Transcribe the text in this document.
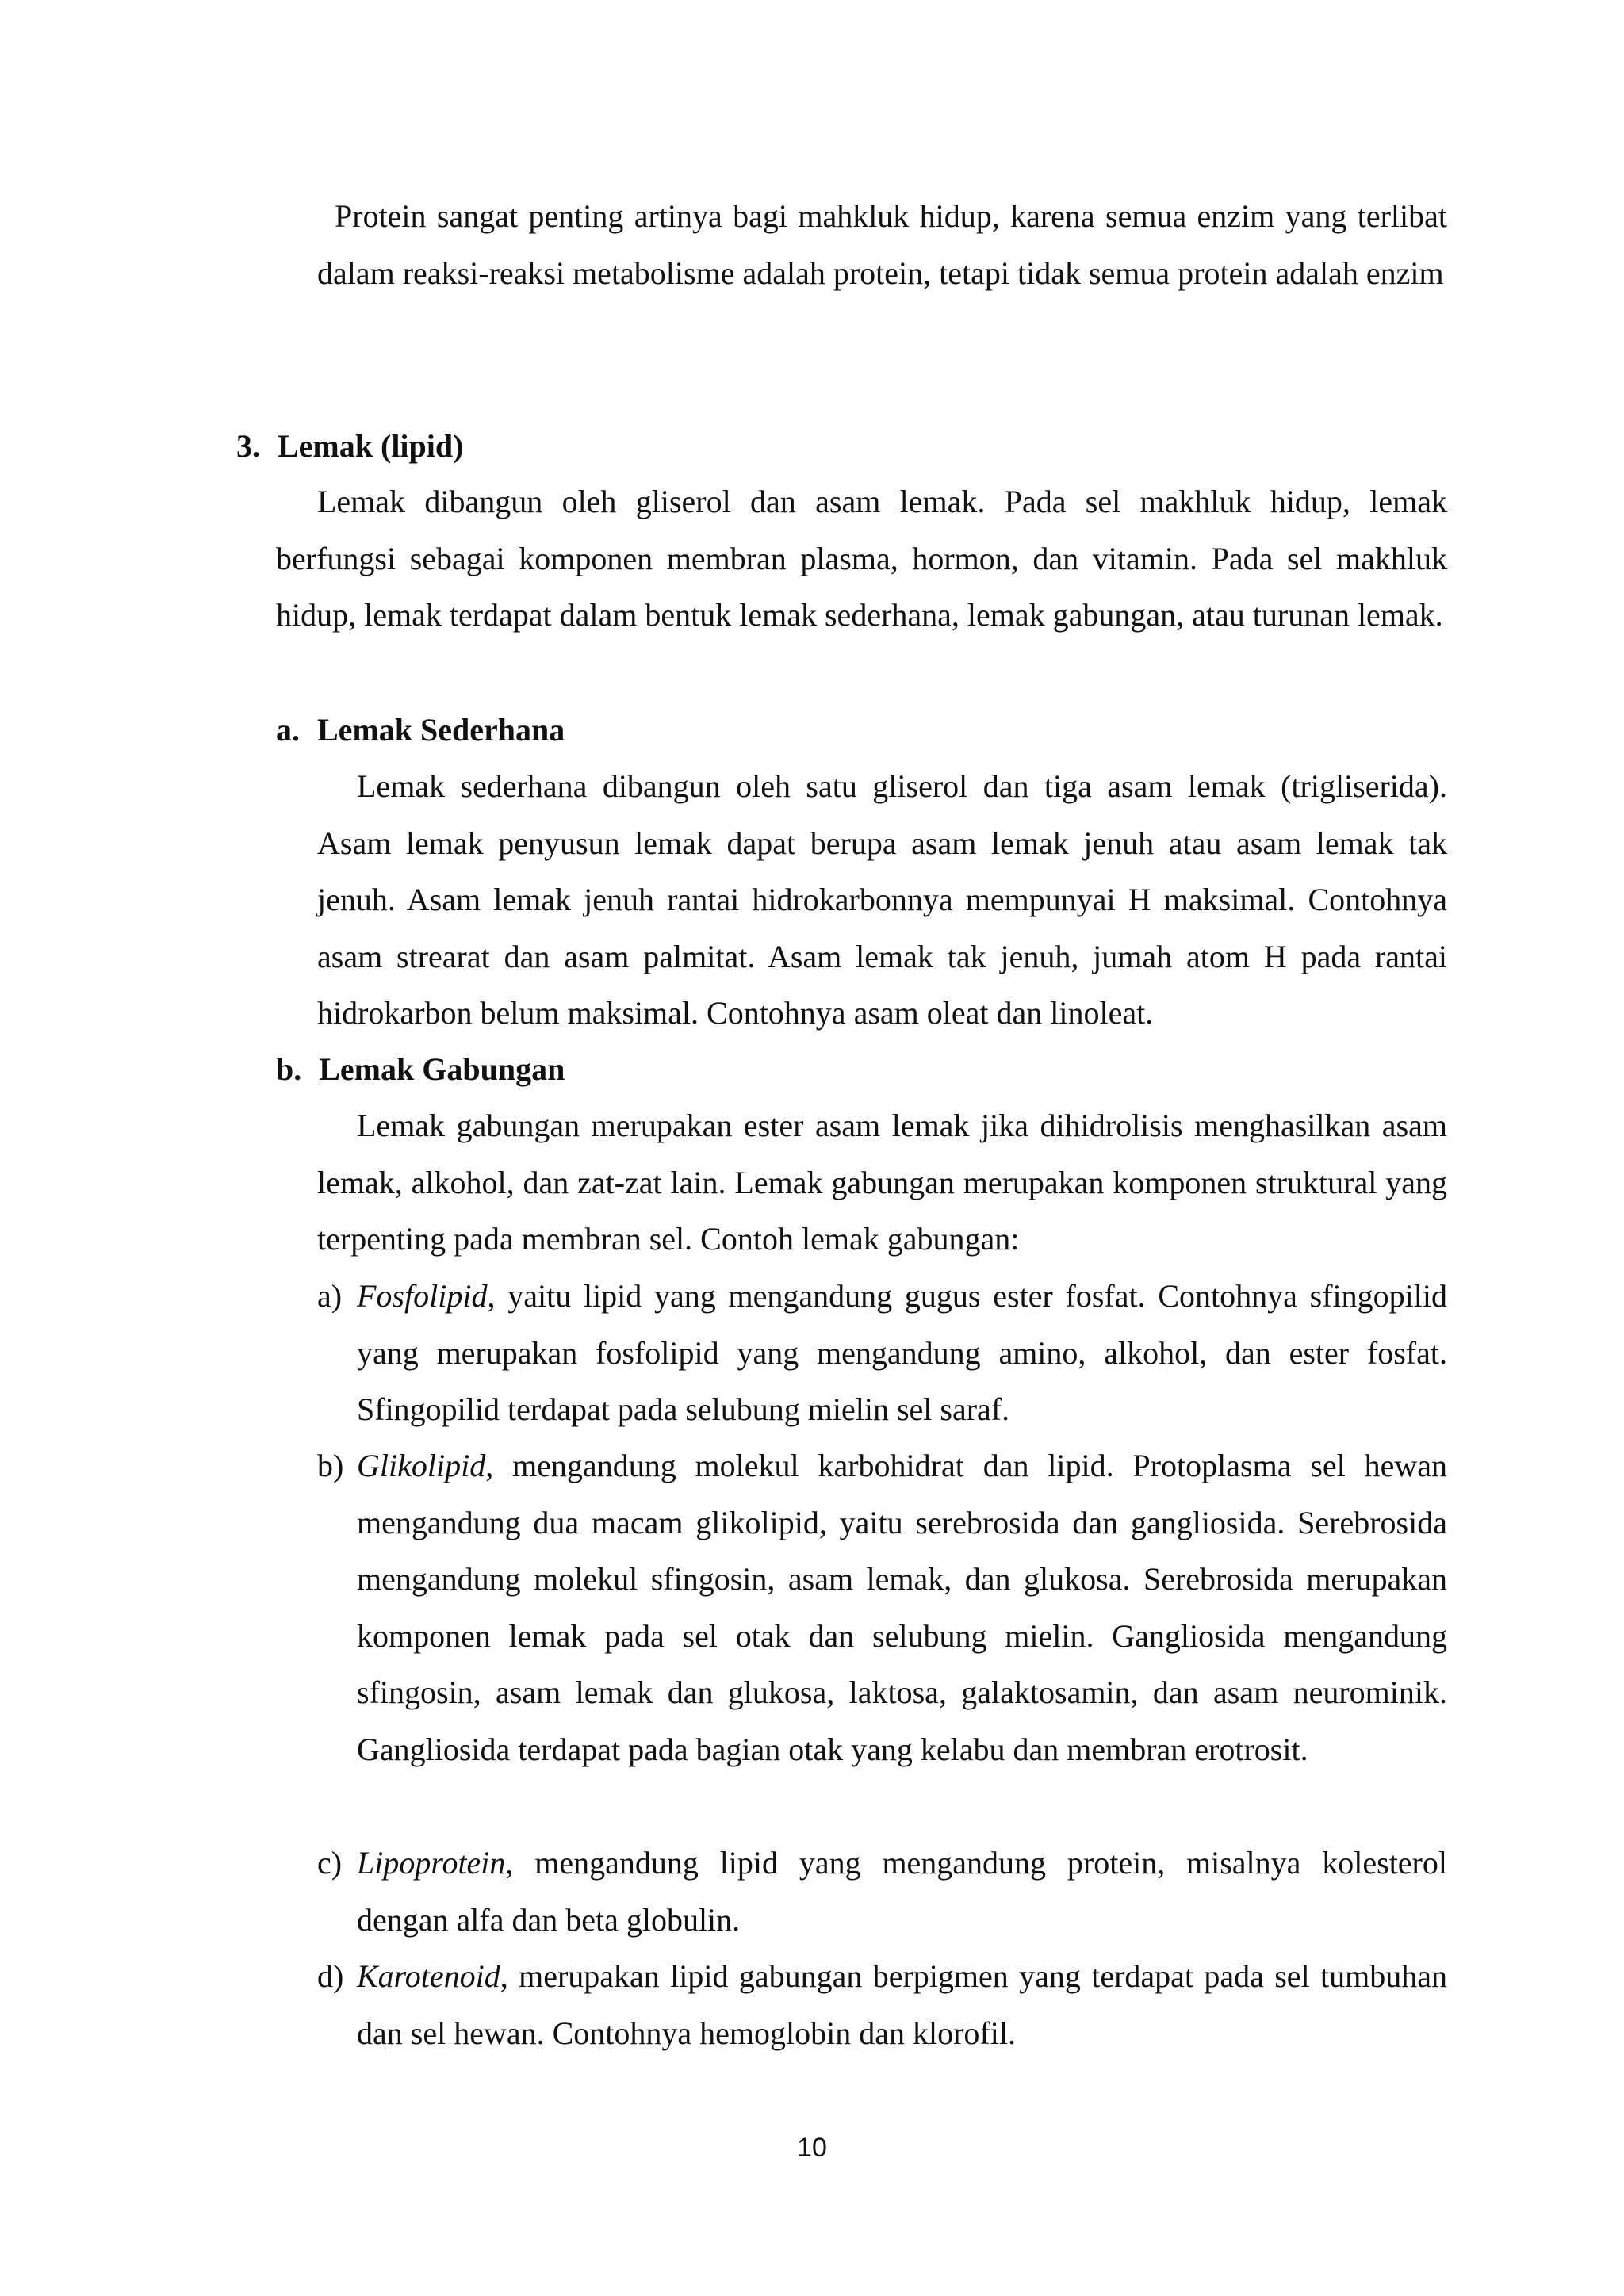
Protein sangat penting artinya bagi mahkluk hidup, karena semua enzim yang terlibat dalam reaksi-reaksi metabolisme adalah protein, tetapi tidak semua protein adalah enzim

3. Lemak (lipid)

Lemak dibangun oleh gliserol dan asam lemak. Pada sel makhluk hidup, lemak berfungsi sebagai komponen membran plasma, hormon, dan vitamin. Pada sel makhluk hidup, lemak terdapat dalam bentuk lemak sederhana, lemak gabungan, atau turunan lemak.

a. Lemak Sederhana

Lemak sederhana dibangun oleh satu gliserol dan tiga asam lemak (trigliserida). Asam lemak penyusun lemak dapat berupa asam lemak jenuh atau asam lemak tak jenuh. Asam lemak jenuh rantai hidrokarbonnya mempunyai H maksimal. Contohnya asam strearat dan asam palmitat. Asam lemak tak jenuh, jumah atom H pada rantai hidrokarbon belum maksimal. Contohnya asam oleat dan linoleat.

b. Lemak Gabungan

Lemak gabungan merupakan ester asam lemak jika dihidrolisis menghasilkan asam lemak, alkohol, dan zat-zat lain. Lemak gabungan merupakan komponen struktural yang terpenting pada membran sel. Contoh lemak gabungan:

a) Fosfolipid, yaitu lipid yang mengandung gugus ester fosfat. Contohnya sfingopilid yang merupakan fosfolipid yang mengandung amino, alkohol, dan ester fosfat. Sfingopilid terdapat pada selubung mielin sel saraf.
b) Glikolipid, mengandung molekul karbohidrat dan lipid. Protoplasma sel hewan mengandung dua macam glikolipid, yaitu serebrosida dan gangliosida. Serebrosida mengandung molekul sfingosin, asam lemak, dan glukosa. Serebrosida merupakan komponen lemak pada sel otak dan selubung mielin. Gangliosida mengandung sfingosin, asam lemak dan glukosa, laktosa, galaktosamin, dan asam neurominik. Gangliosida terdapat pada bagian otak yang kelabu dan membran erotrosit.
c) Lipoprotein, mengandung lipid yang mengandung protein, misalnya kolesterol dengan alfa dan beta globulin.
d) Karotenoid, merupakan lipid gabungan berpigmen yang terdapat pada sel tumbuhan dan sel hewan. Contohnya hemoglobin dan klorofil.
10
